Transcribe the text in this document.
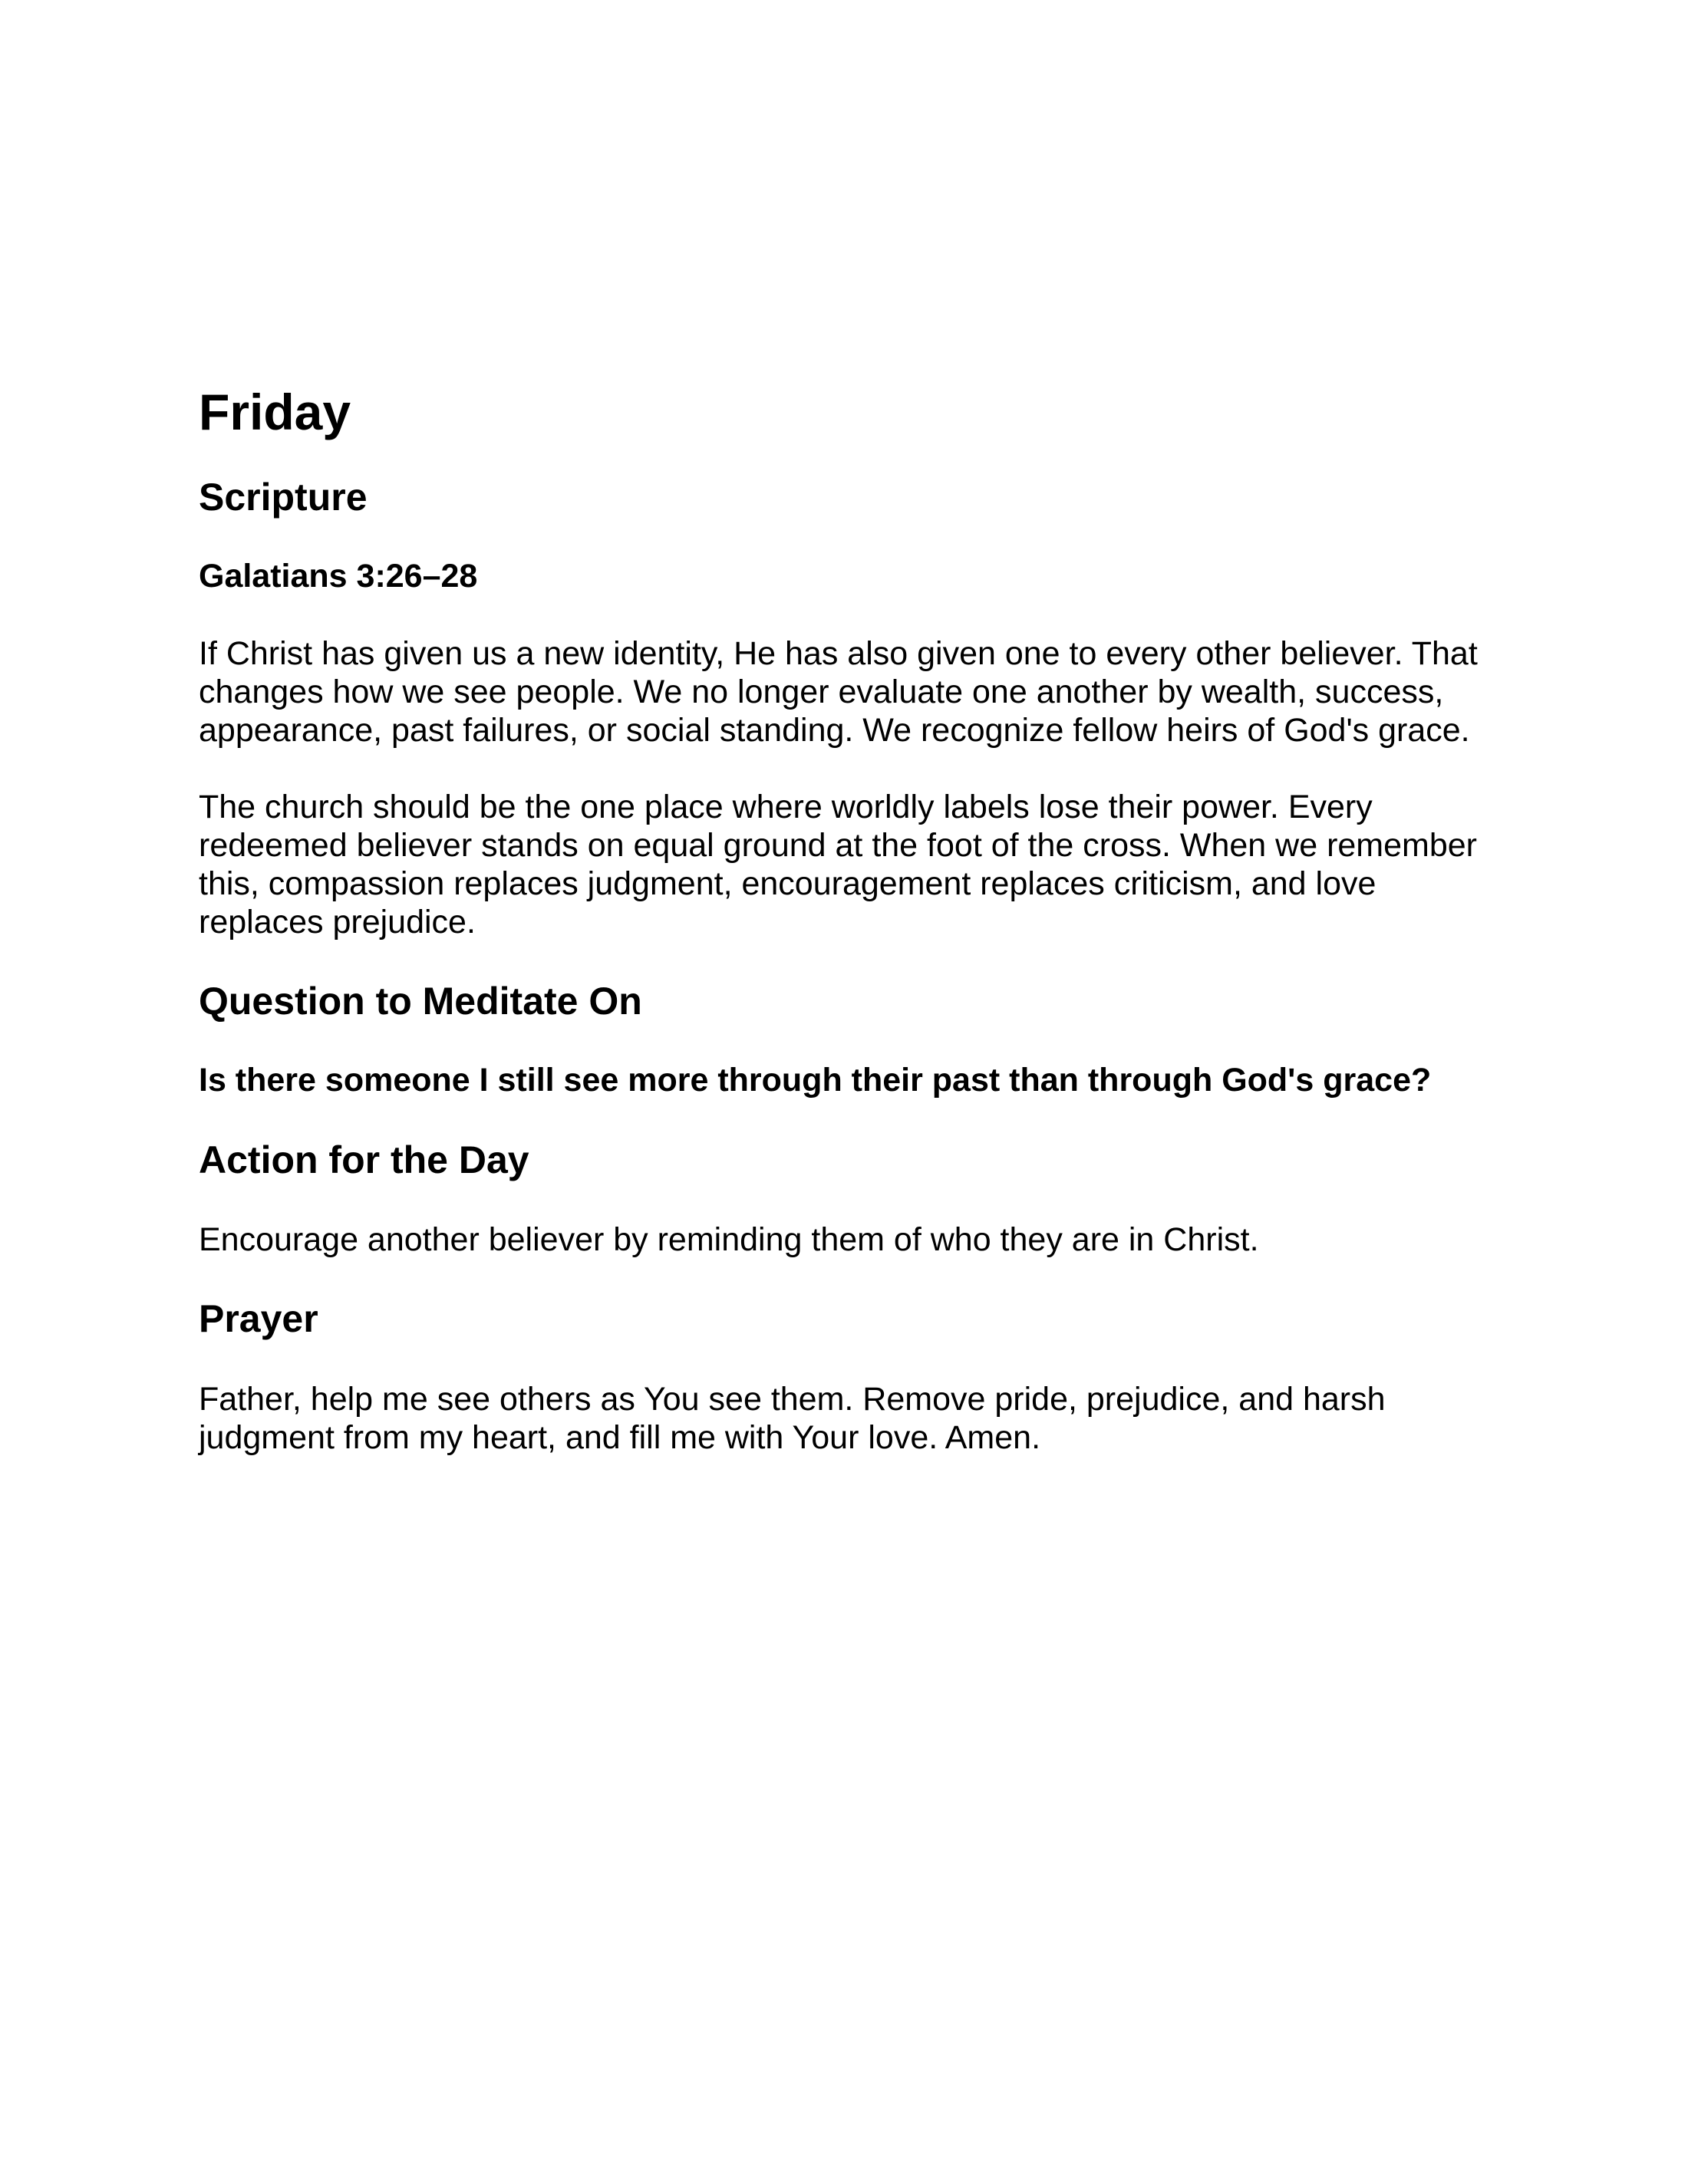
Friday
Scripture
Galatians 3:26–28

If Christ has given us a new identity, He has also given one to every other believer. That changes how we see people. We no longer evaluate one another by wealth, success, appearance, past failures, or social standing. We recognize fellow heirs of God's grace.

The church should be the one place where worldly labels lose their power. Every redeemed believer stands on equal ground at the foot of the cross. When we remember this, compassion replaces judgment, encouragement replaces criticism, and love replaces prejudice.

Question to Meditate On
Is there someone I still see more through their past than through God's grace?
Action for the Day

Encourage another believer by reminding them of who they are in Christ.

Prayer

Father, help me see others as You see them. Remove pride, prejudice, and harsh judgment from my heart, and fill me with Your love. Amen.
